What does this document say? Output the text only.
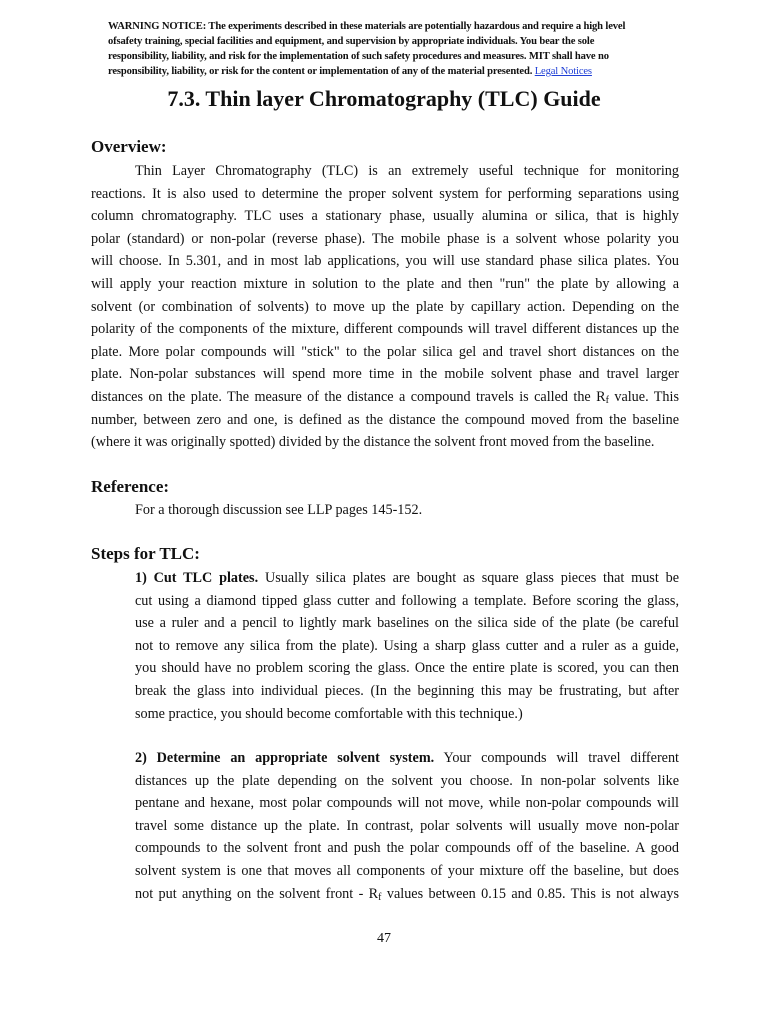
WARNING NOTICE: The experiments described in these materials are potentially hazardous and require a high level ofsafety training, special facilities and equipment, and supervision by appropriate individuals. You bear the sole responsibility, liability, and risk for the implementation of such safety procedures and measures. MIT shall have no responsibility, liability, or risk for the content or implementation of any of the material presented. Legal Notices
7.3. Thin layer Chromatography (TLC) Guide
Overview:
Thin Layer Chromatography (TLC) is an extremely useful technique for monitoring
reactions. It is also used to determine the proper solvent system for performing separations using
column chromatography. TLC uses a stationary phase, usually alumina or silica, that is highly
polar (standard) or non-polar (reverse phase). The mobile phase is a solvent whose polarity you
will choose. In 5.301, and in most lab applications, you will use standard phase silica plates. You
will apply your reaction mixture in solution to the plate and then "run" the plate by allowing a
solvent (or combination of solvents) to move up the plate by capillary action. Depending on the
polarity of the components of the mixture, different compounds will travel different distances up the
plate. More polar compounds will "stick" to the polar silica gel and travel short distances on the
plate. Non-polar substances will spend more time in the mobile solvent phase and travel larger
distances on the plate. The measure of the distance a compound travels is called the $R_f$ value. This
number, between zero and one, is defined as the distance the compound moved from the baseline
(where it was originally spotted) divided by the distance the solvent front moved from the baseline.
Reference:
For a thorough discussion see LLP pages 145-152.
Steps for TLC:
1) Cut TLC plates. Usually silica plates are bought as square glass pieces that must be
cut using a diamond tipped glass cutter and following a template. Before scoring the glass,
use a ruler and a pencil to lightly mark baselines on the silica side of the plate (be careful
not to remove any silica from the plate). Using a sharp glass cutter and a ruler as a guide,
you should have no problem scoring the glass. Once the entire plate is scored, you can then
break the glass into individual pieces. (In the beginning this may be frustrating, but after
some practice, you should become comfortable with this technique.)
2) Determine an appropriate solvent system. Your compounds will travel different
distances up the plate depending on the solvent you choose. In non-polar solvents like
pentane and hexane, most polar compounds will not move, while non-polar compounds will
travel some distance up the plate. In contrast, polar solvents will usually move non-polar
compounds to the solvent front and push the polar compounds off of the baseline. A good
solvent system is one that moves all components of your mixture off the baseline, but does
not put anything on the solvent front - $R_f$ values between 0.15 and 0.85. This is not always
47
